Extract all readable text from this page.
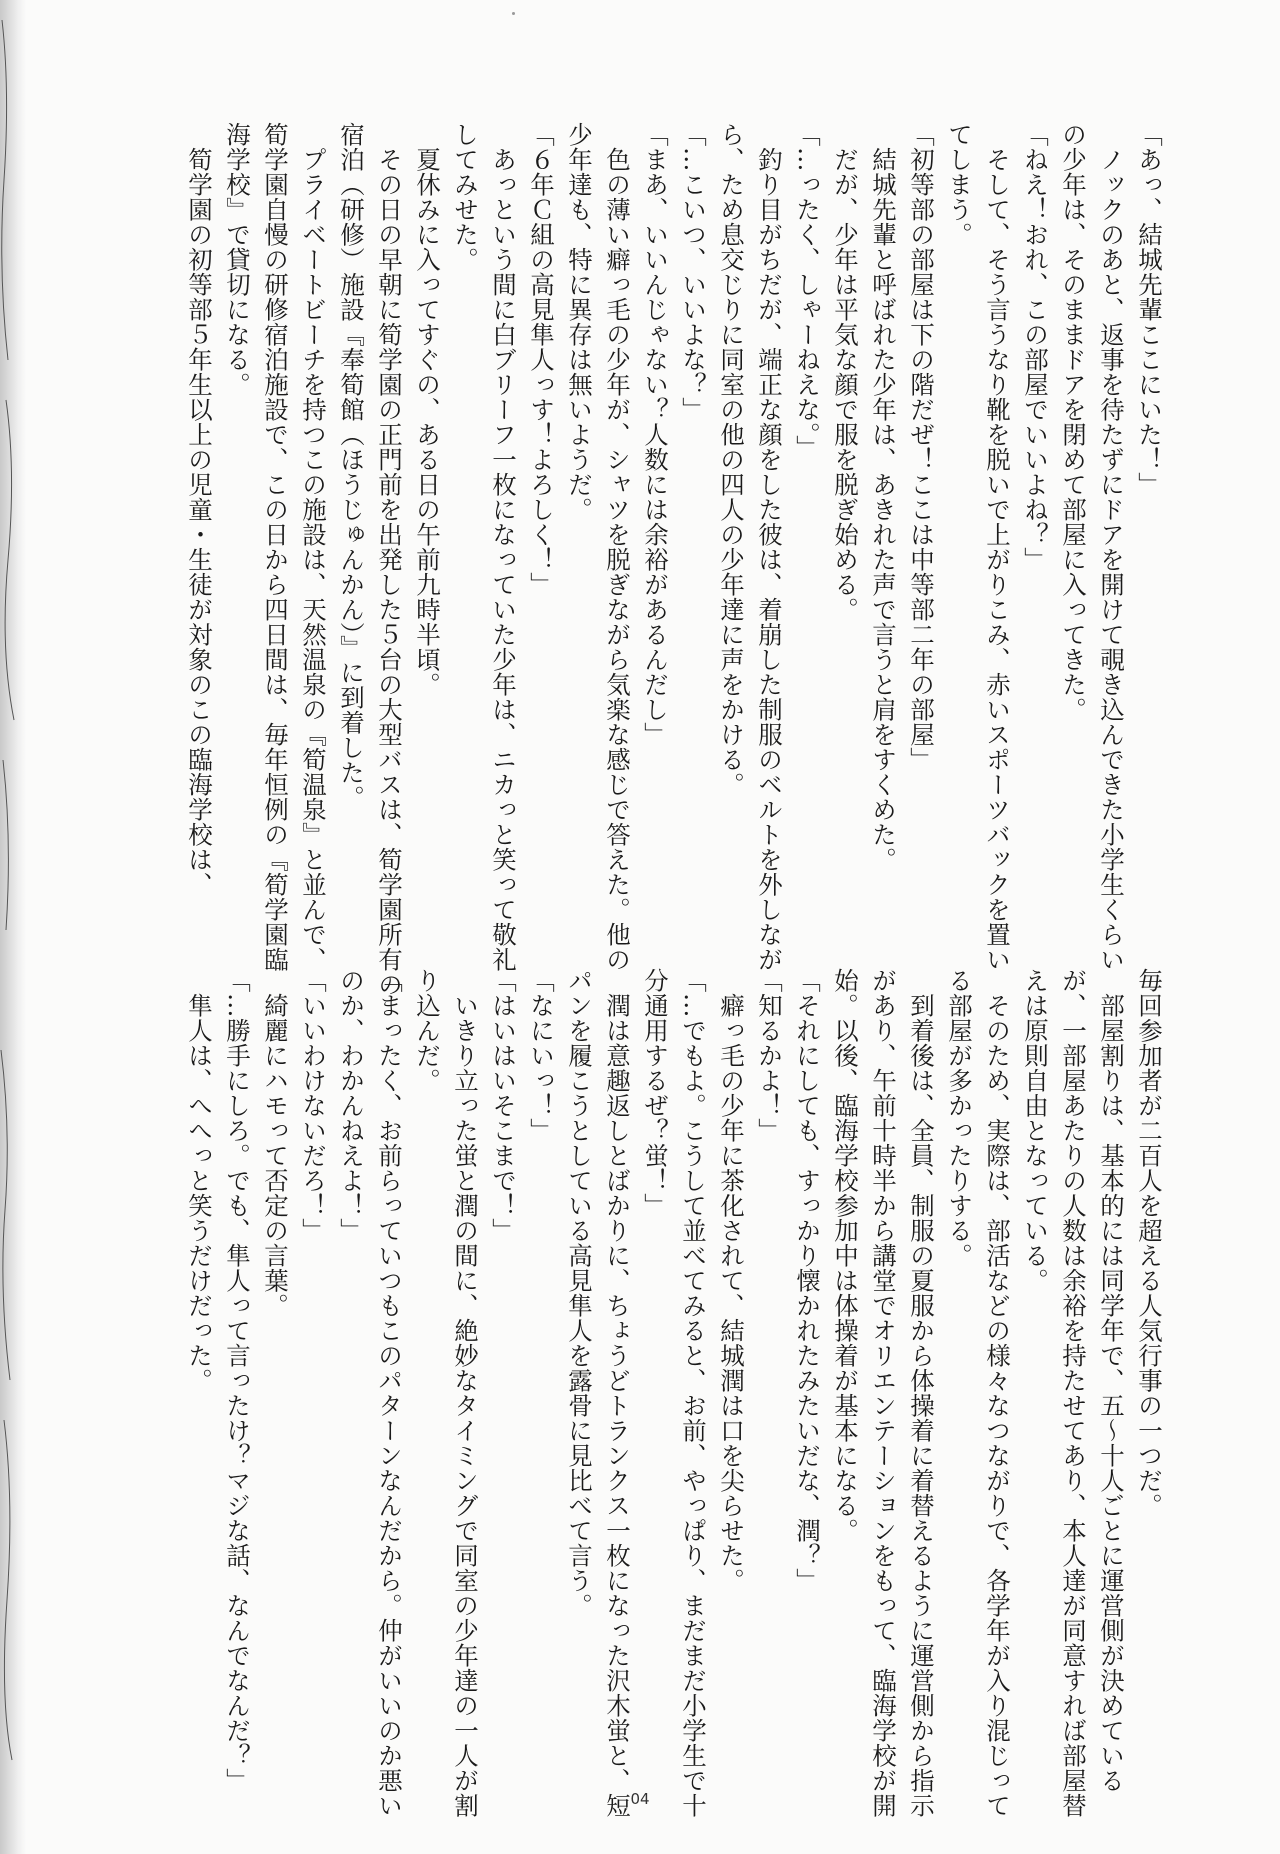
「あっ、結城先輩ここにいた！」

　ノックのあと、返事を待たずにドアを開けて覗き込んできた小学生くらい

の少年は、そのままドアを閉めて部屋に入ってきた。

「ねえ！おれ、この部屋でいいよね？」

　そして、そう言うなり靴を脱いで上がりこみ、赤いスポーツバックを置い

てしまう。

「初等部の部屋は下の階だぜ！ここは中等部二年の部屋」

　結城先輩と呼ばれた少年は、あきれた声で言うと肩をすくめた。

　だが、少年は平気な顔で服を脱ぎ始める。

「…ったく、しゃーねえな。」

　釣り目がちだが、端正な顔をした彼は、着崩した制服のベルトを外しなが

ら、ため息交じりに同室の他の四人の少年達に声をかける。

「…こいつ、いいよな？」

「まあ、いいんじゃない？人数には余裕があるんだし」

　色の薄い癖っ毛の少年が、シャツを脱ぎながら気楽な感じで答えた。他の

少年達も、特に異存は無いようだ。

「６年Ｃ組の高見隼人っす！よろしく！」

　あっという間に白ブリーフ一枚になっていた少年は、ニカっと笑って敬礼

してみせた。

　夏休みに入ってすぐの、ある日の午前九時半頃。

　その日の早朝に筍学園の正門前を出発した５台の大型バスは、筍学園所有の

宿泊（研修）施設『奉筍館（ほうじゅんかん）』に到着した。

　プライベートビーチを持つこの施設は、天然温泉の『筍温泉』と並んで、

筍学園自慢の研修宿泊施設で、この日から四日間は、毎年恒例の『筍学園臨

海学校』で貸切になる。

　筍学園の初等部５年生以上の児童・生徒が対象のこの臨海学校は、

毎回参加者が二百人を超える人気行事の一つだ。

　部屋割りは、基本的には同学年で、五〜十人ごとに運営側が決めている

が、一部屋あたりの人数は余裕を持たせてあり、本人達が同意すれば部屋替

えは原則自由となっている。

　そのため、実際は、部活などの様々なつながりで、各学年が入り混じって

る部屋が多かったりする。

　到着後は、全員、制服の夏服から体操着に着替えるように運営側から指示

があり、午前十時半から講堂でオリエンテーションをもって、臨海学校が開

始。以後、臨海学校参加中は体操着が基本になる。

「それにしても、すっかり懐かれたみたいだな、潤？」

「知るかよ！」

　癖っ毛の少年に茶化されて、結城潤は口を尖らせた。

「…でもよ。こうして並べてみると、お前、やっぱり、まだまだ小学生で十

分通用するぜ？蛍！」

　潤は意趣返しとばかりに、ちょうどトランクス一枚になった沢木蛍と、短

パンを履こうとしている高見隼人を露骨に見比べて言う。

「なにいっ！」

「はいはいそこまで！」

　いきり立った蛍と潤の間に、絶妙なタイミングで同室の少年達の一人が割

り込んだ。

「まったく、お前らっていつもこのパターンなんだから。仲がいいのか悪い

のか、わかんねえよ！」

「いいわけないだろ！」

　綺麗にハモって否定の言葉。

「…勝手にしろ。でも、隼人って言ったけ？マジな話、なんでなんだ？」

　隼人は、へへっと笑うだけだった。

04
